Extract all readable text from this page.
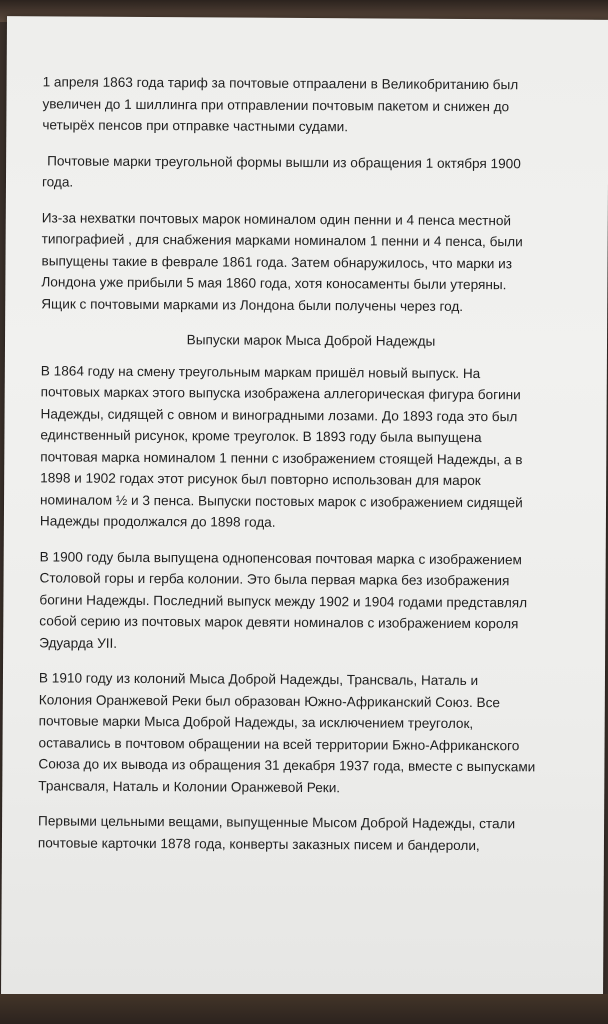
1 апреля 1863 года тариф за почтовые отпраалени в Великобританию был
увеличен до 1 шиллинга при отправлении почтовым пакетом и снижен до
четырёх пенсов при отправке частными судами.
Почтовые марки треугольной формы вышли из обращения 1 октября 1900
года.
Из-за нехватки почтовых марок номиналом один пенни и 4 пенса местной
типографией , для снабжения марками номиналом 1 пенни и 4 пенса, были
выпущены такие в феврале 1861 года. Затем обнаружилось, что марки из
Лондона уже прибыли 5 мая 1860 года, хотя коносаменты были утеряны.
Ящик с почтовыми марками из Лондона были получены через год.
Выпуски марок Мыса Доброй Надежды
В 1864 году на смену треугольным маркам пришёл новый выпуск. На
почтовых марках этого выпуска изображена аллегорическая фигура богини
Надежды, сидящей с овном и виноградными лозами. До 1893 года это был
единственный рисунок, кроме треуголок. В 1893 году была выпущена
почтовая марка номиналом 1 пенни с изображением стоящей Надежды, а в
1898 и 1902 годах этот рисунок был повторно использован для марок
номиналом ½ и 3 пенса. Выпуски постовых марок с изображением сидящей
Надежды продолжался до 1898 года.
В 1900 году была выпущена однопенсовая почтовая марка с изображением
Столовой горы и герба колонии. Это была первая марка без изображения
богини Надежды. Последний выпуск между 1902 и 1904 годами представлял
собой серию из почтовых марок девяти номиналов с изображением короля
Эдуарда УII.
В 1910 году из колоний Мыса Доброй Надежды, Трансваль, Наталь и
Колония Оранжевой Реки был образован Южно-Африканский Союз. Все
почтовые марки Мыса Доброй Надежды, за исключением треуголок,
оставались в почтовом обращении на всей территории Бжно-Африканского
Союза до их вывода из обращения 31 декабря 1937 года, вместе с выпусками
Трансваля, Наталь и Колонии Оранжевой Реки.
Первыми цельными вещами, выпущенные Мысом Доброй Надежды, стали
почтовые карточки 1878 года, конверты заказных писем и бандероли,
